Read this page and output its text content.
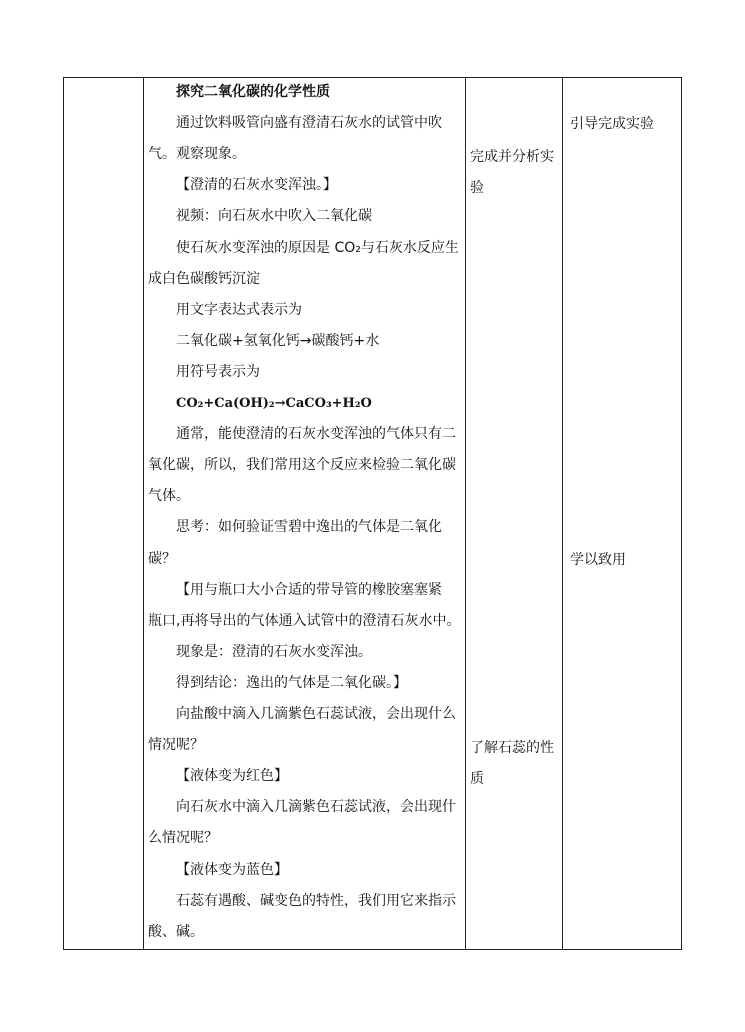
探究二氧化碳的化学性质
通过饮料吸管向盛有澄清石灰水的试管中吹
气。观察现象。
【澄清的石灰水变浑浊。】
视频：向石灰水中吹入二氧化碳
使石灰水变浑浊的原因是 CO₂与石灰水反应生
成白色碳酸钙沉淀
用文字表达式表示为
二氧化碳+氢氧化钙→碳酸钙+水
用符号表示为
CO₂+Ca(OH)₂→CaCO₃+H₂O
通常，能使澄清的石灰水变浑浊的气体只有二
氧化碳，所以，我们常用这个反应来检验二氧化碳
气体。
思考：如何验证雪碧中逸出的气体是二氧化
碳？
【用与瓶口大小合适的带导管的橡胶塞塞紧
瓶口,再将导出的气体通入试管中的澄清石灰水中。
现象是：澄清的石灰水变浑浊。
得到结论：逸出的气体是二氧化碳。】
向盐酸中滴入几滴紫色石蕊试液，会出现什么
情况呢？
【液体变为红色】
向石灰水中滴入几滴紫色石蕊试液，会出现什
么情况呢？
【液体变为蓝色】
石蕊有遇酸、碱变色的特性，我们用它来指示
酸、碱。
完成并分析实
验
了解石蕊的性
质
引导完成实验
学以致用
